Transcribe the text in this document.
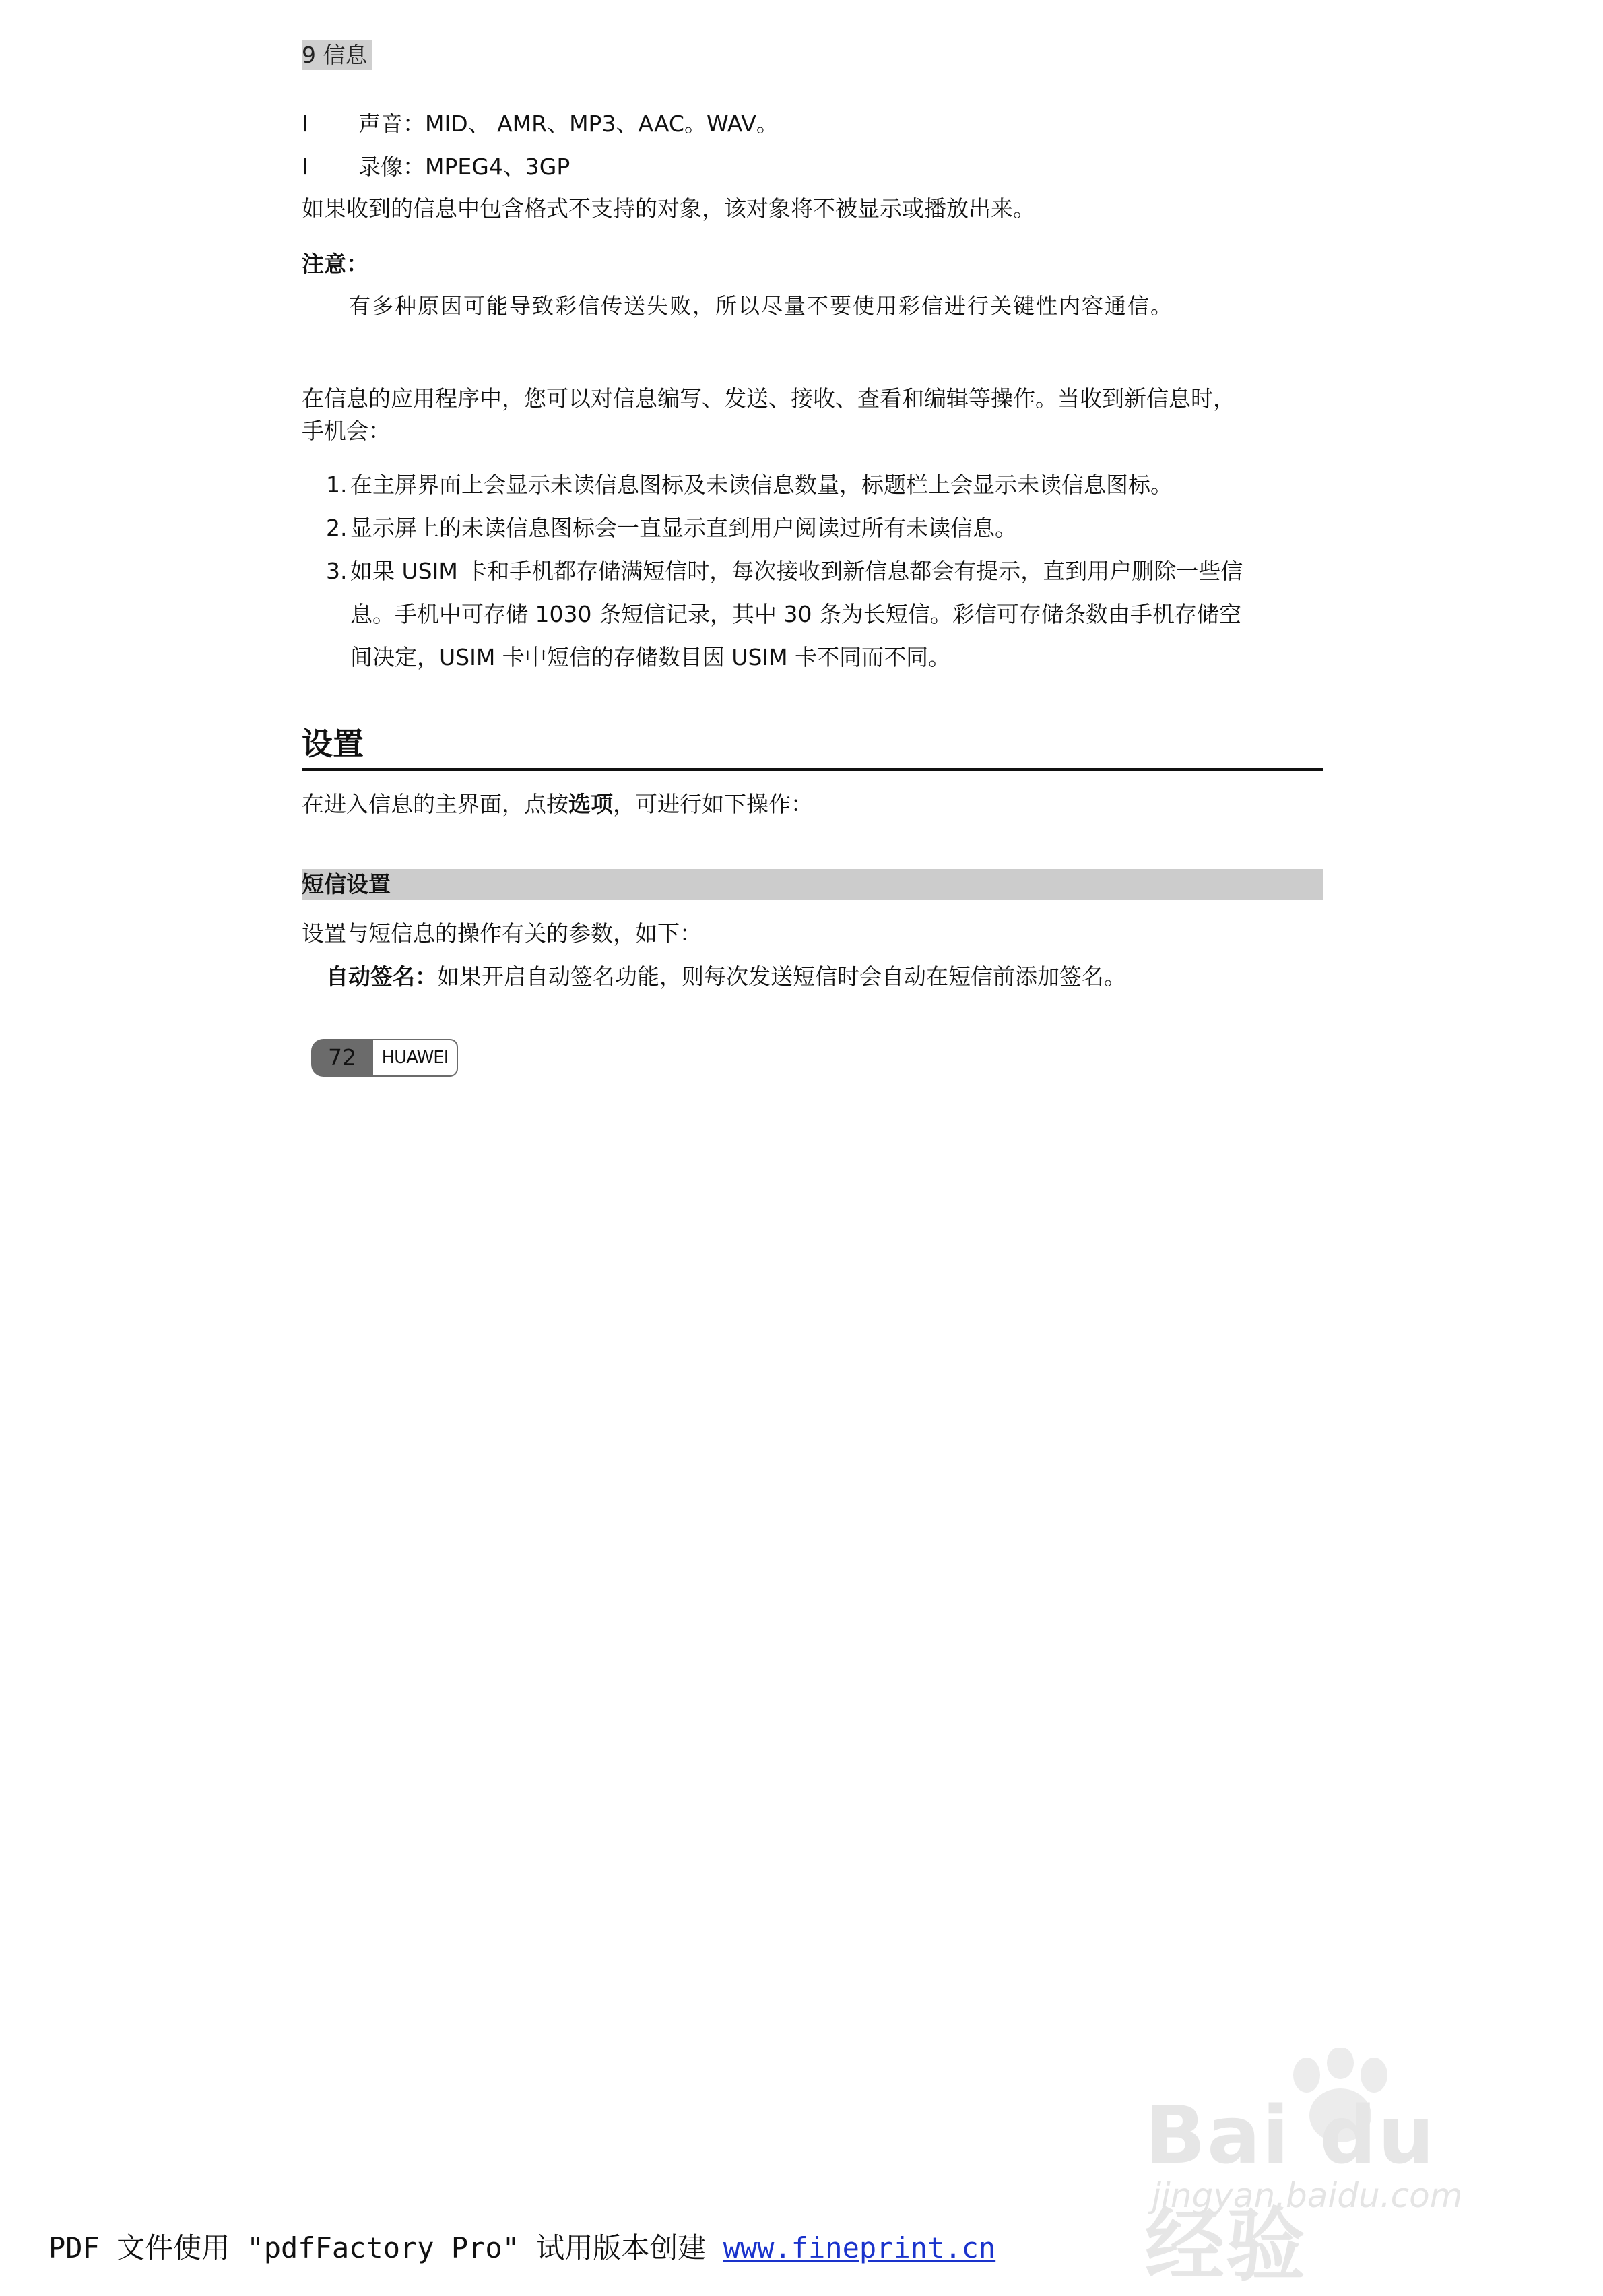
9 信息
l 声音：MID、 AMR、MP3、AAC。WAV。
l 录像：MPEG4、3GP
如果收到的信息中包含格式不支持的对象，该对象将不被显示或播放出来。
注意：
有多种原因可能导致彩信传送失败，所以尽量不要使用彩信进行关键性内容通信。
在信息的应用程序中，您可以对信息编写、发送、接收、查看和编辑等操作。当收到新信息时，
手机会：
1. 在主屏界面上会显示未读信息图标及未读信息数量，标题栏上会显示未读信息图标。
2. 显示屏上的未读信息图标会一直显示直到用户阅读过所有未读信息。
3. 如果 USIM 卡和手机都存储满短信时，每次接收到新信息都会有提示，直到用户删除一些信
息。手机中可存储 1030 条短信记录，其中 30 条为长短信。彩信可存储条数由手机存储空
间决定，USIM 卡中短信的存储数目因 USIM 卡不同而不同。
设置
在进入信息的主界面，点按选项，可进行如下操作：
短信设置
设置与短信息的操作有关的参数，如下：
自动签名：如果开启自动签名功能，则每次发送短信时会自动在短信前添加签名。
72	HUAWEI
Bai du 经验
jingyan.baidu.com
PDF 文件使用 "pdfFactory Pro" 试用版本创建 www.fineprint.cn
